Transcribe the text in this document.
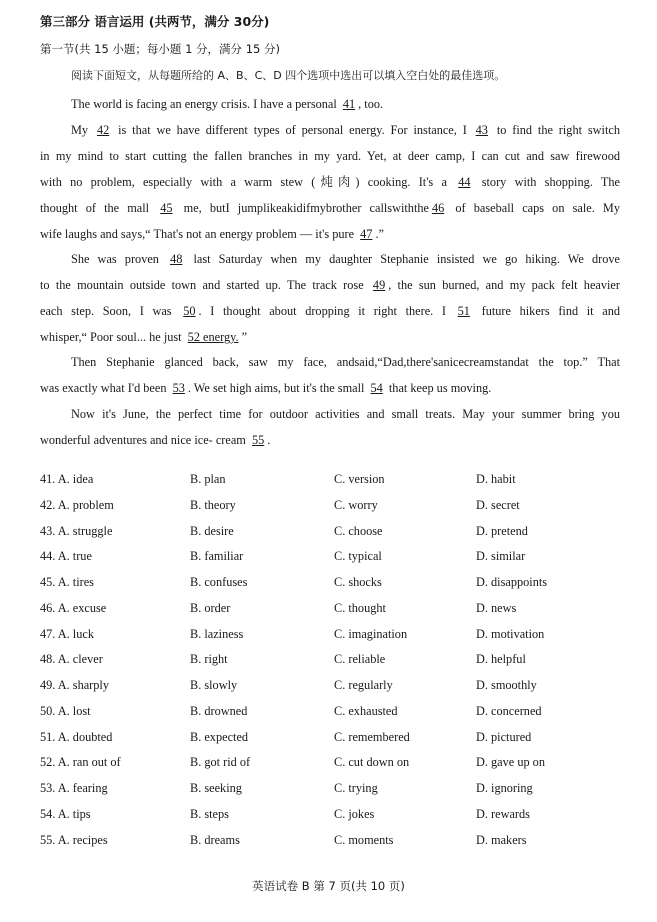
第三部分 语言运用 (共两节，满分 30分)
第一节(共 15 小题；每小题 1 分，满分 15 分)
阅读下面短文，从每题所给的 A、B、C、D 四个选项中选出可以填入空白处的最佳选项。
The world is facing an energy crisis. I have a personal 41 , too.
My 42 is that we have different types of personal energy. For instance, I 43 to find the right switch
in my mind to start cutting the fallen branches in my yard. Yet, at deer camp, I can cut and saw firewood
with no problem, especially with a warm stew (炖肉) cooking. It's a 44 story with shopping. The
thought of the mall 45 me, butI jumplikeakidifmybrother callswiththe 46 of baseball caps on sale. My
wife laughs and says,“ That's not an energy problem — it's pure 47 .”
She was proven 48 last Saturday when my daughter Stephanie insisted we go hiking. We drove
to the mountain outside town and started up. The track rose 49 , the sun burned, and my pack felt heavier
each step. Soon, I was 50 . I thought about dropping it right there. I 51 future hikers find it and
whisper,“ Poor soul... he just 52 energy. ”
Then Stephanie glanced back, saw my face, andsaid,“Dad,there'sanicecreamstandat the top.” That
was exactly what I'd been 53 . We set high aims, but it's the small 54 that keep us moving.
Now it's June, the perfect time for outdoor activities and small treats. May your summer bring you
wonderful adventures and nice ice- cream 55 .
41. A. idea	B. plan	C. version	D. habit
42. A. problem	B. theory	C. worry	D. secret
43. A. struggle	B. desire	C. choose	D. pretend
44. A. true	B. familiar	C. typical	D. similar
45. A. tires	B. confuses	C. shocks	D. disappoints
46. A. excuse	B. order	C. thought	D. news
47. A. luck	B. laziness	C. imagination	D. motivation
48. A. clever	B. right	C. reliable	D. helpful
49. A. sharply	B. slowly	C. regularly	D. smoothly
50. A. lost	B. drowned	C. exhausted	D. concerned
51. A. doubted	B. expected	C. remembered	D. pictured
52. A. ran out of	B. got rid of	C. cut down on	D. gave up on
53. A. fearing	B. seeking	C. trying	D. ignoring
54. A. tips	B. steps	C. jokes	D. rewards
55. A. recipes	B. dreams	C. moments	D. makers
英语试卷 B 第 7 页(共 10 页)
